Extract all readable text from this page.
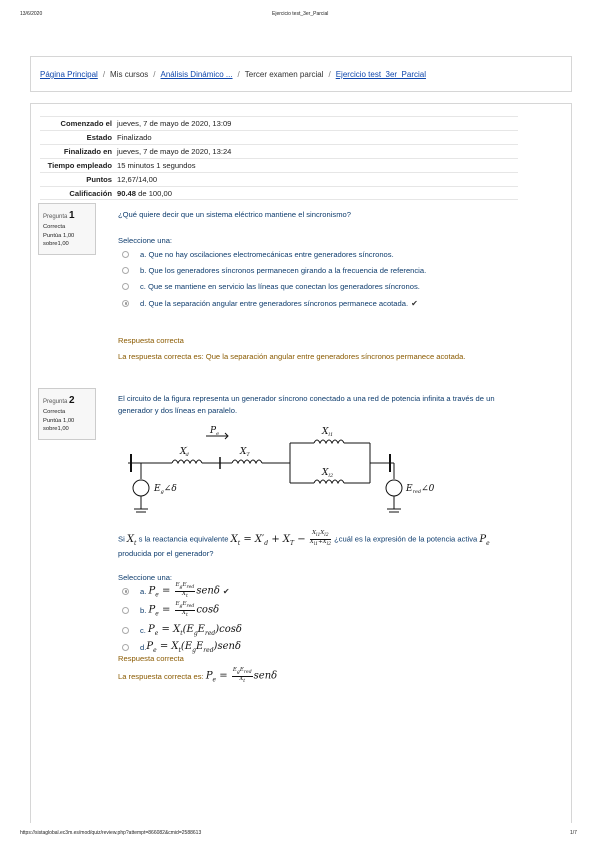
13/6/2020	Ejercicio test_3er_Parcial
Página Principal / Mis cursos / Análisis Dinámico ... / Tercer examen parcial / Ejercicio test_3er_Parcial
Comenzado el jueves, 7 de mayo de 2020, 13:09
Estado Finalizado
Finalizado en jueves, 7 de mayo de 2020, 13:24
Tiempo empleado 15 minutos 1 segundos
Puntos 12,67/14,00
Calificación 90.48 de 100,00
Pregunta 1
Correcta
Puntúa 1,00
sobre1,00
¿Qué quiere decir que un sistema eléctrico mantiene el sincronismo?
Seleccione una:
a. Que no hay oscilaciones electromecánicas entre generadores síncronos.
b. Que los generadores síncronos permanecen girando a la frecuencia de referencia.
c. Que se mantiene en servicio las líneas que conectan los generadores síncronos.
d. Que la separación angular entre generadores síncronos permanece acotada. ✔
Respuesta correcta
La respuesta correcta es: Que la separación angular entre generadores síncronos permanece acotada.
Pregunta 2
Correcta
Puntúa 1,00
sobre1,00
El circuito de la figura representa un generador síncrono conectado a una red de potencia infinita a través de un generador y dos líneas en paralelo.
$P_e$
X′ d	$X_T$
$X_{l1}$
$X_{l2}$
$E_g\angle\delta$	$E_{red}\angle 0$
Si $X_t$ s la reactancia equivalente $X_t = X'_d + X_T - \frac{X_{l1}X_{l2}}{X_{l1}+X_{l2}}$ ¿cuál es la expresión de la potencia activa $P_e$
producida por el generador?
Seleccione una:
a.
$P_e = \frac{E_gE_{red}}{X_t}$ senδ ✔
b.
$P_e = \frac{E_gE_{red}}{X_t}$ cosδ
c.
$P_e = X_t(E_gE_{red})\cos\delta$
d. $P_e = X_t(E_gE_{red})sen\delta$
Respuesta correcta
La respuesta correcta es:
$P_e = \frac{E_gE_{red}}{X_t}$ senδ
https://sistaglobal.ec3m.es/mod/quiz/review.php?attempt=866082&cmid=2588613	1/7
